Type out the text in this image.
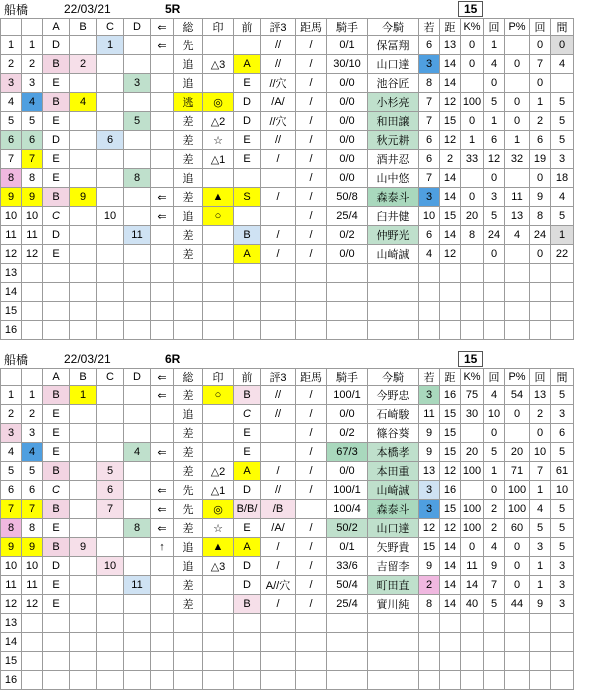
船橋	22/03/21	5R	15
		A	B	C	D	⇐	総	印	前	評3	距馬	騎手	今騎	若	距	K%	回	P%	回	間
1	1	D		1		⇐	先			//	/	0/1	保冨翔	6	13	0	1		0	0
2	2	B	2				追	△3	A	//	/	30/10	山口達	3	14	0	4	0	7	4
3	3	E			3		追		E	//穴	/	0/0	池谷匠	8	14		0		0	
4	4	B	4				逃	◎	D	/A/	/	0/0	小杉亮	7	12	100	5	0	1	5
5	5	E			5		差	△2	D	//穴	/	0/0	和田譲	7	15	0	1	0	2	5
6	6	D		6			差	☆	E	//	/	0/0	秋元耕	6	12	1	6	1	6	5
7	7	E					差	△1	E	/	/	0/0	酒井忍	6	2	33	12	32	19	3
8	8	E			8		追				/	0/0	山中悠	7	14		0		0	18
9	9	B	9			⇐	差	▲	S	/	/	50/8	森泰斗	3	14	0	3	11	9	4
10	10	C		10		⇐	追	○			/	25/4	臼井健	10	15	20	5	13	8	5
11	11	D			11		差		B	/	/	0/2	仲野光	6	14	8	24	4	24	1
12	12	E					差		A	/	/	0/0	山崎誠	4	12		0		0	22
13																				
14																				
15																				
16																				
船橋	22/03/21	6R	15
		A	B	C	D	⇐	総	印	前	評3	距馬	騎手	今騎	若	距	K%	回	P%	回	間
1	1	B	1			⇐	差	○	B	//	/	100/1	今野忠	3	16	75	4	54	13	5
2	2	E					追		C	//	/	0/0	石崎駿	11	15	30	10	0	2	3
3	3	E					差		E		/	0/2	篠谷葵	9	15		0		0	6
4	4	E			4	⇐	差		E		/	67/3	本橋孝	9	15	20	5	20	10	5
5	5	B		5			差	△2	A	/	/	0/0	本田重	13	12	100	1	71	7	61
6	6	C		6		⇐	先	△1	D	//	/	100/1	山崎誠	3	16		0	100	1	10
7	7	B		7		⇐	先	◎	B/B/	/B		100/4	森泰斗	3	15	100	2	100	4	5
8	8	E			8	⇐	差	☆	E	/A/	/	50/2	山口達	12	12	100	2	60	5	5
9	9	B	9			↑	追	▲	A	/	/	0/1	矢野貴	15	14	0	4	0	3	5
10	10	D		10			追	△3	D	/	/	33/6	吉留李	9	14	11	9	0	1	3
11	11	E			11		差		D	A//穴	/	50/4	町田直	2	14	14	7	0	1	3
12	12	E					差		B	/	/	25/4	實川純	8	14	40	5	44	9	3
13																				
14																				
15																				
16																				
